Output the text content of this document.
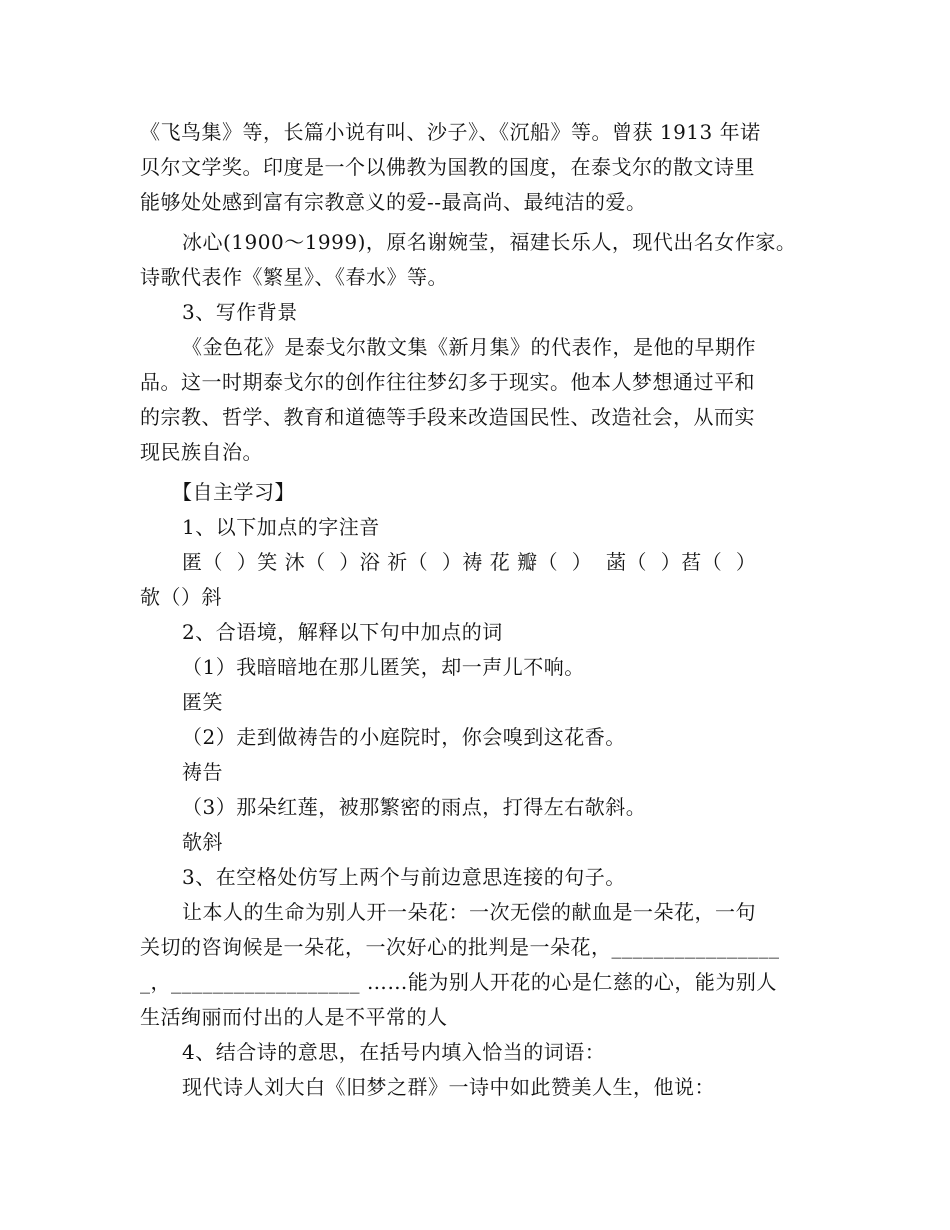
《飞鸟集》等，长篇小说有叫、沙子》、《沉船》等。曾获 1913 年诺
贝尔文学奖。印度是一个以佛教为国教的国度，在泰戈尔的散文诗里
能够处处感到富有宗教意义的爱--最高尚、最纯洁的爱。
冰心(1900～1999)，原名谢婉莹，福建长乐人，现代出名女作家。
诗歌代表作《繁星》、《春水》等。
3、写作背景
《金色花》是泰戈尔散文集《新月集》的代表作，是他的早期作
品。这一时期泰戈尔的创作往往梦幻多于现实。他本人梦想通过平和
的宗教、哲学、教育和道德等手段来改造国民性、改造社会，从而实
现民族自治。
【自主学习】
1、以下加点的字注音
匿（  ）笑 沐（  ）浴 祈（  ）祷 花 瓣（  ）  菡（  ）萏（  ）
欹（）斜
2、合语境，解释以下句中加点的词
（1）我暗暗地在那儿匿笑，却一声儿不响。
匿笑
（2）走到做祷告的小庭院时，你会嗅到这花香。
祷告
（3）那朵红莲，被那繁密的雨点，打得左右欹斜。
欹斜
3、在空格处仿写上两个与前边意思连接的句子。
让本人的生命为别人开一朵花：一次无偿的献血是一朵花，一句
关切的咨询候是一朵花，一次好心的批判是一朵花，________________
_，__________________ ……能为别人开花的心是仁慈的心，能为别人
生活绚丽而付出的人是不平常的人
4、结合诗的意思，在括号内填入恰当的词语：
现代诗人刘大白《旧梦之群》一诗中如此赞美人生，他说：
